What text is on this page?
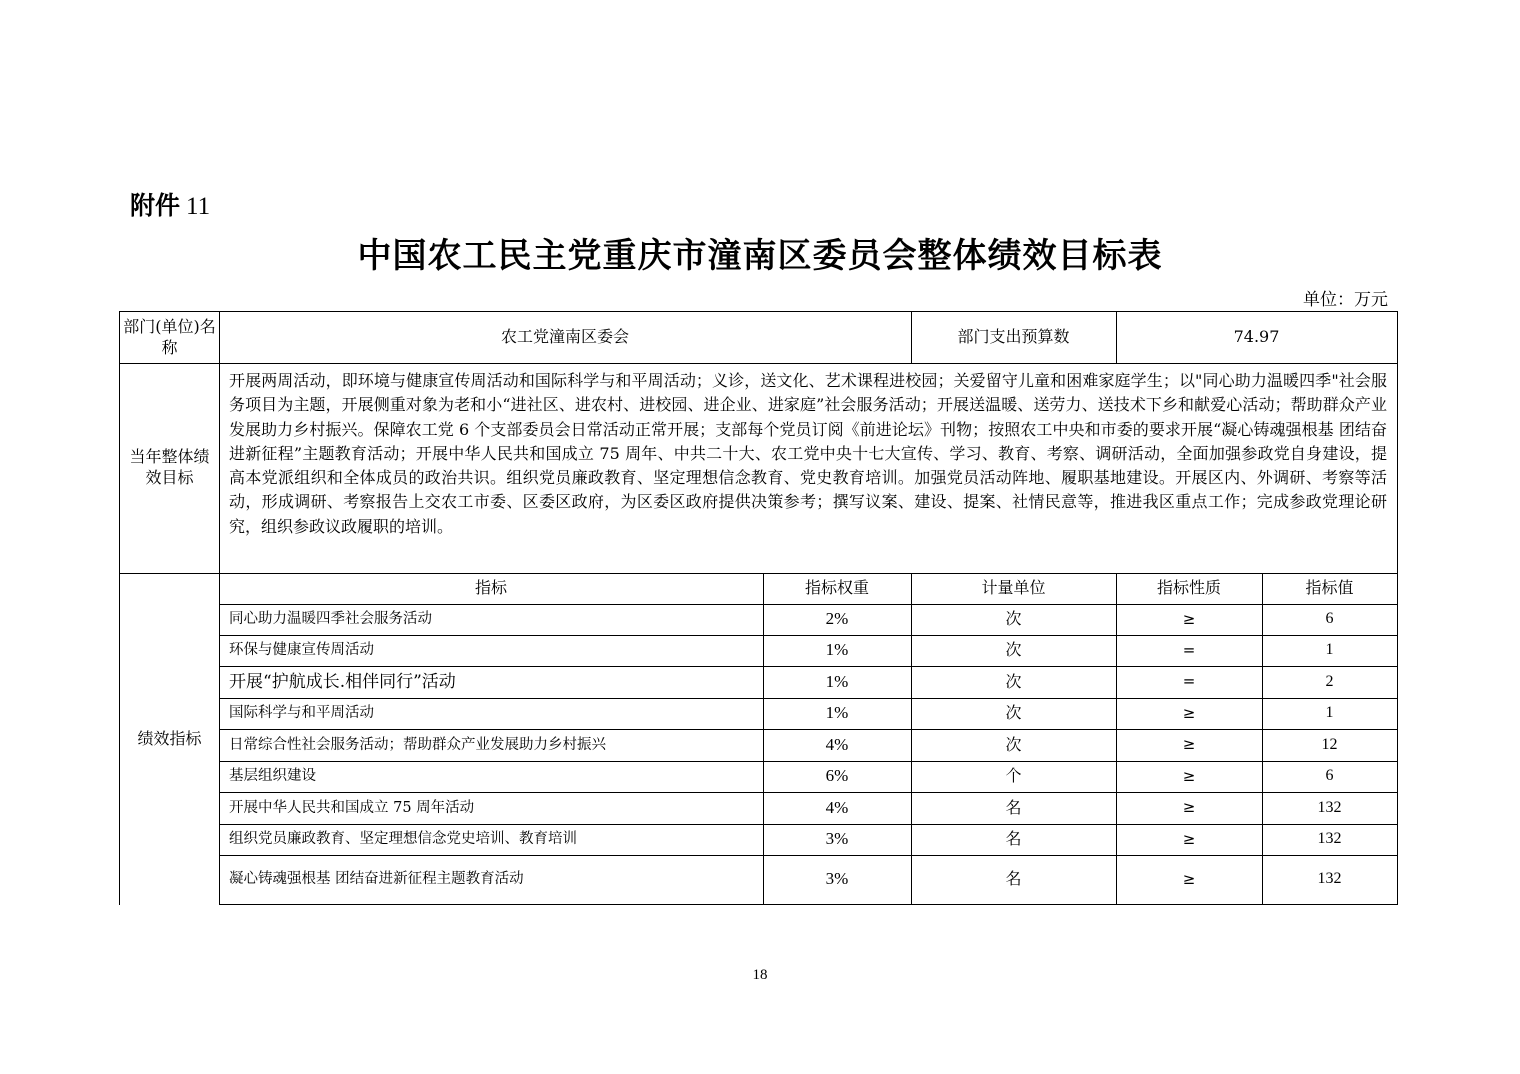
附件 11
中国农工民主党重庆市潼南区委员会整体绩效目标表
单位：万元
部门(单位)名称
农工党潼南区委会	部门支出预算数	74.97
当年整体绩效目标
开展两周活动，即环境与健康宣传周活动和国际科学与和平周活动；义诊，送文化、艺术课程进校园；关爱留守儿童和困难家庭学生；以"同心助力温暖四季"社会服务项目为主题，开展侧重对象为老和小“进社区、进农村、进校园、进企业、进家庭”社会服务活动；开展送温暖、送劳力、送技术下乡和献爱心活动；帮助群众产业发展助力乡村振兴。保障农工党 6 个支部委员会日常活动正常开展；支部每个党员订阅《前进论坛》刊物；按照农工中央和市委的要求开展“凝心铸魂强根基 团结奋进新征程”主题教育活动；开展中华人民共和国成立 75 周年、中共二十大、农工党中央十七大宣传、学习、教育、考察、调研活动，全面加强参政党自身建设，提高本党派组织和全体成员的政治共识。组织党员廉政教育、坚定理想信念教育、党史教育培训。加强党员活动阵地、履职基地建设。开展区内、外调研、考察等活动，形成调研、考察报告上交农工市委、区委区政府，为区委区政府提供决策参考；撰写议案、建设、提案、社情民意等，推进我区重点工作；完成参政党理论研究，组织参政议政履职的培训。
绩效指标
指标	指标权重	计量单位	指标性质	指标值
同心助力温暖四季社会服务活动	2%	次	≥	6
环保与健康宣传周活动	1%	次	=	1
开展“护航成长.相伴同行”活动	1%	次	=	2
国际科学与和平周活动	1%	次	≥	1
日常综合性社会服务活动；帮助群众产业发展助力乡村振兴	4%	次	≥	12
基层组织建设	6%	个	≥	6
开展中华人民共和国成立 75 周年活动	4%	名	≥	132
组织党员廉政教育、坚定理想信念党史培训、教育培训	3%	名	≥	132
凝心铸魂强根基 团结奋进新征程主题教育活动	3%	名	≥	132
18
